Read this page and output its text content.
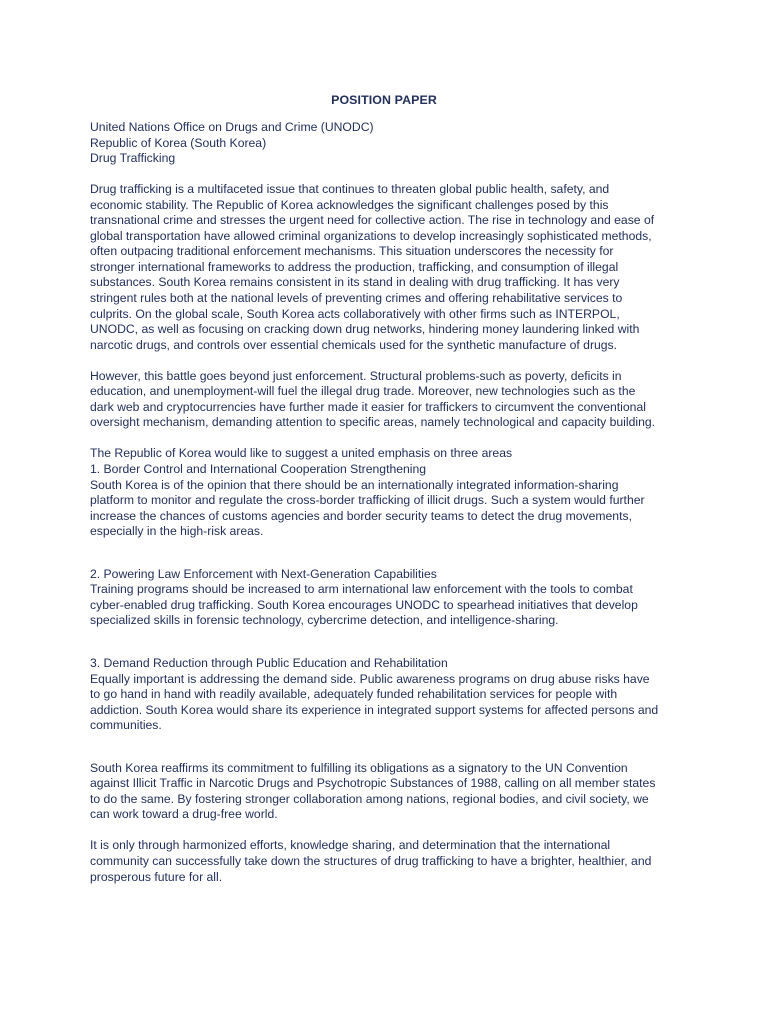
POSITION PAPER
United Nations Office on Drugs and Crime (UNODC)
Republic of Korea (South Korea)
Drug Trafficking
Drug trafficking is a multifaceted issue that continues to threaten global public health, safety, and
economic stability. The Republic of Korea acknowledges the significant challenges posed by this
transnational crime and stresses the urgent need for collective action. The rise in technology and ease of
global transportation have allowed criminal organizations to develop increasingly sophisticated methods,
often outpacing traditional enforcement mechanisms. This situation underscores the necessity for
stronger international frameworks to address the production, trafficking, and consumption of illegal
substances. South Korea remains consistent in its stand in dealing with drug trafficking. It has very
stringent rules both at the national levels of preventing crimes and offering rehabilitative services to
culprits. On the global scale, South Korea acts collaboratively with other firms such as INTERPOL,
UNODC, as well as focusing on cracking down drug networks, hindering money laundering linked with
narcotic drugs, and controls over essential chemicals used for the synthetic manufacture of drugs.
However, this battle goes beyond just enforcement. Structural problems-such as poverty, deficits in
education, and unemployment-will fuel the illegal drug trade. Moreover, new technologies such as the
dark web and cryptocurrencies have further made it easier for traffickers to circumvent the conventional
oversight mechanism, demanding attention to specific areas, namely technological and capacity building.
The Republic of Korea would like to suggest a united emphasis on three areas
1. Border Control and International Cooperation Strengthening
South Korea is of the opinion that there should be an internationally integrated information-sharing
platform to monitor and regulate the cross-border trafficking of illicit drugs. Such a system would further
increase the chances of customs agencies and border security teams to detect the drug movements,
especially in the high-risk areas.
2. Powering Law Enforcement with Next-Generation Capabilities
Training programs should be increased to arm international law enforcement with the tools to combat
cyber-enabled drug trafficking. South Korea encourages UNODC to spearhead initiatives that develop
specialized skills in forensic technology, cybercrime detection, and intelligence-sharing.
3. Demand Reduction through Public Education and Rehabilitation
Equally important is addressing the demand side. Public awareness programs on drug abuse risks have
to go hand in hand with readily available, adequately funded rehabilitation services for people with
addiction. South Korea would share its experience in integrated support systems for affected persons and
communities.
South Korea reaffirms its commitment to fulfilling its obligations as a signatory to the UN Convention
against Illicit Traffic in Narcotic Drugs and Psychotropic Substances of 1988, calling on all member states
to do the same. By fostering stronger collaboration among nations, regional bodies, and civil society, we
can work toward a drug-free world.
It is only through harmonized efforts, knowledge sharing, and determination that the international
community can successfully take down the structures of drug trafficking to have a brighter, healthier, and
prosperous future for all.
